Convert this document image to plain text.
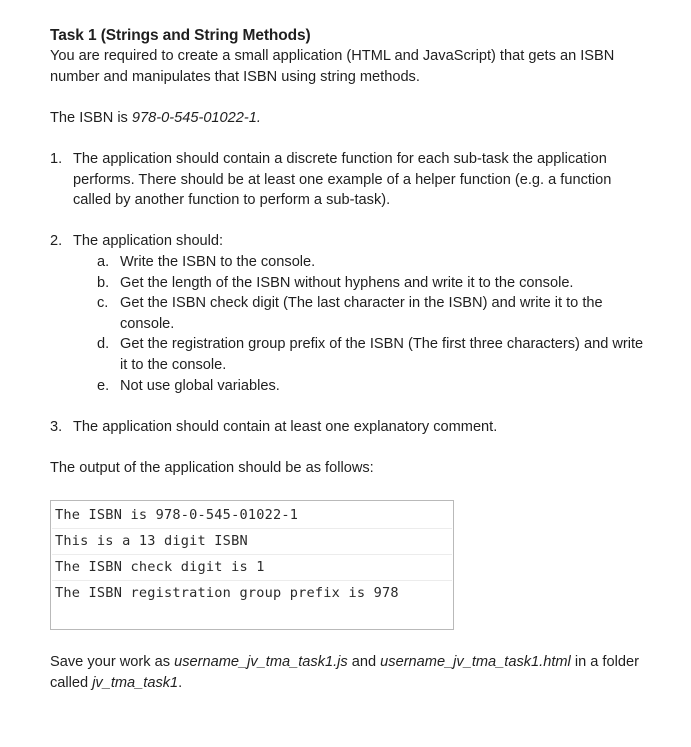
Task 1 (Strings and String Methods)

You are required to create a small application (HTML and JavaScript) that gets an ISBN number and manipulates that ISBN using string methods.

The ISBN is 978-0-545-01022-1.

1. The application should contain a discrete function for each sub-task the application performs. There should be at least one example of a helper function (e.g. a function called by another function to perform a sub-task).
2. The application should:
a. Write the ISBN to the console.
b. Get the length of the ISBN without hyphens and write it to the console.
c. Get the ISBN check digit (The last character in the ISBN) and write it to the console.
d. Get the registration group prefix of the ISBN (The first three characters) and write it to the console.
e. Not use global variables.
3. The application should contain at least one explanatory comment.

The output of the application should be as follows:

The ISBN is 978-0-545-01022-1
This is a 13 digit ISBN
The ISBN check digit is 1
The ISBN registration group prefix is 978
Save your work as username_jv_tma_task1.js and username_jv_tma_task1.html in a folder called jv_tma_task1.
